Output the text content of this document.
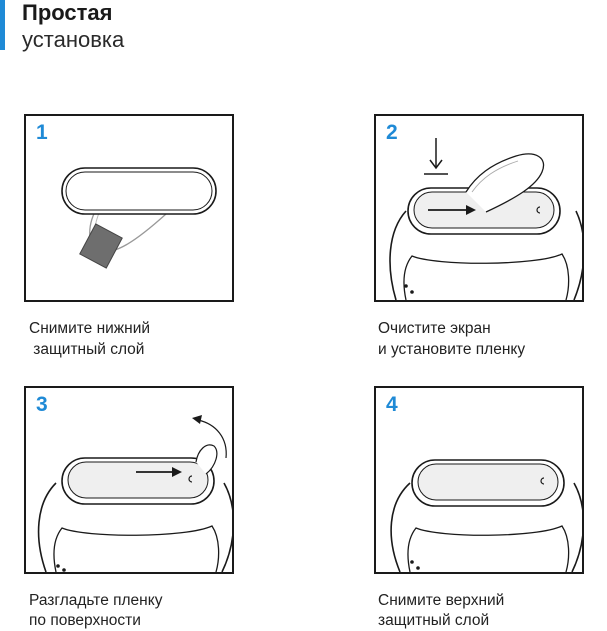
Простая
установка
1
Снимите нижний
защитный слой
2
Очистите экран
и установите пленку
3
Разгладьте пленку
по поверхности
4
Снимите верхний
защитный слой
